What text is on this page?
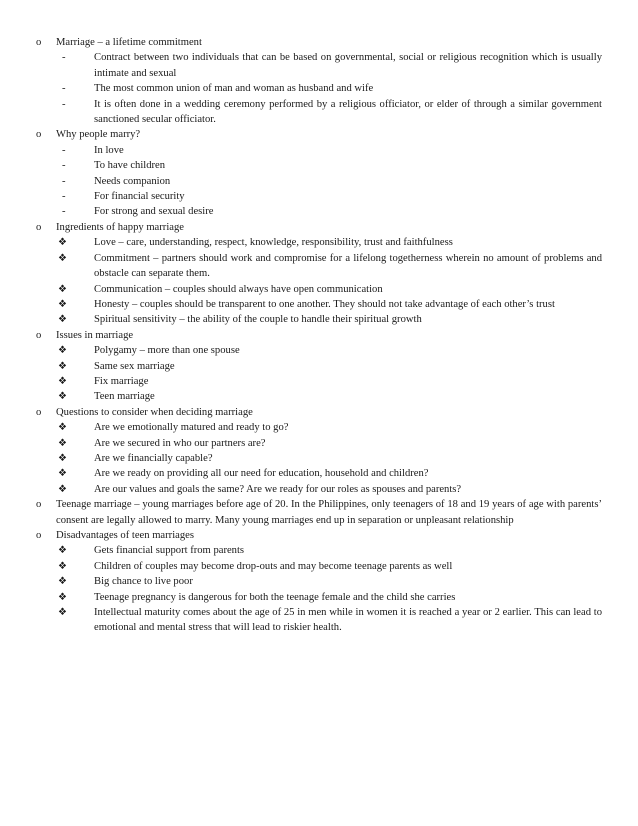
o	Marriage – a lifetime commitment
-	Contract between two individuals that can be based on governmental, social or religious recognition which is usually intimate and sexual
-	The most common union of man and woman as husband and wife
-	It is often done in a wedding ceremony performed by a religious officiator, or elder of through a similar government sanctioned secular officiator.
o	Why people marry?
-	In love
-	To have children
-	Needs companion
-	For financial security
-	For strong and sexual desire
o	Ingredients of happy marriage
❖	Love – care, understanding, respect, knowledge, responsibility, trust and faithfulness
❖	Commitment – partners should work and compromise for a lifelong togetherness wherein no amount of problems and obstacle can separate them.
❖	Communication – couples should always have open communication
❖	Honesty – couples should be transparent to one another. They should not take advantage of each other’s trust
❖	Spiritual sensitivity – the ability of the couple to handle their spiritual growth
o	Issues in marriage
❖	Polygamy – more than one spouse
❖	Same sex marriage
❖	Fix marriage
❖	Teen marriage
o	Questions to consider when deciding marriage
❖	Are we emotionally matured and ready to go?
❖	Are we secured in who our partners are?
❖	Are we financially capable?
❖	Are we ready on providing all our need for education, household and children?
❖	Are our values and goals the same? Are we ready for our roles as spouses and parents?
o	Teenage marriage – young marriages before age of 20. In the Philippines, only teenagers of 18 and 19 years of age with parents’ consent are legally allowed to marry. Many young marriages end up in separation or unpleasant relationship
o	Disadvantages of teen marriages
❖	Gets financial support from parents
❖	Children of couples may become drop-outs and may become teenage parents as well
❖	Big chance to live poor
❖	Teenage pregnancy is dangerous for both the teenage female and the child she carries
❖	Intellectual maturity comes about the age of 25 in men while in women it is reached a year or 2 earlier. This can lead to emotional and mental stress that will lead to riskier health.
